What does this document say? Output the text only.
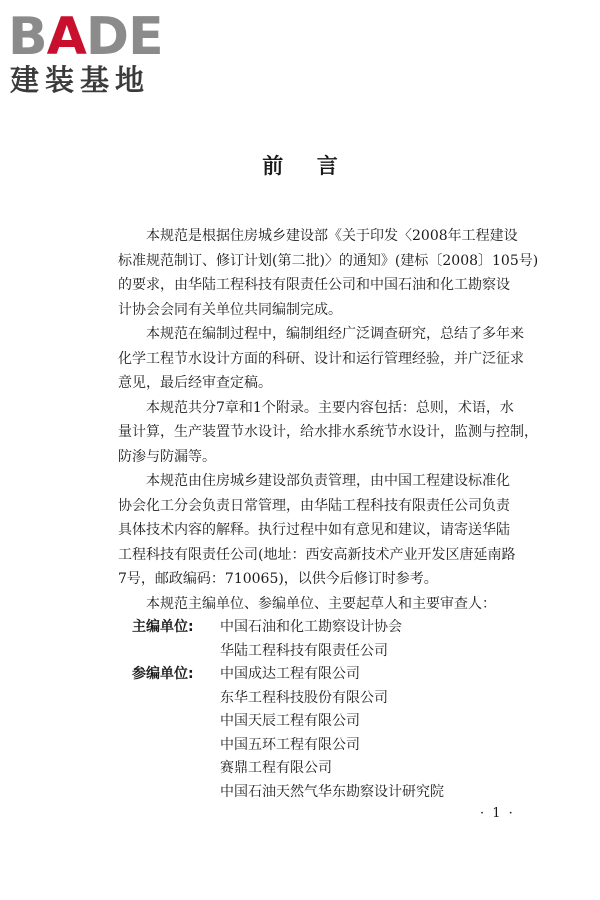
BADE
建装基地
前言

本规范是根据住房城乡建设部《关于印发〈2008年工程建设
标准规范制订、修订计划(第二批)〉的通知》(建标〔2008〕105号)
的要求，由华陆工程科技有限责任公司和中国石油和化工勘察设
计协会会同有关单位共同编制完成。

本规范在编制过程中，编制组经广泛调查研究，总结了多年来
化学工程节水设计方面的科研、设计和运行管理经验，并广泛征求
意见，最后经审查定稿。

本规范共分7章和1个附录。主要内容包括：总则，术语，水
量计算，生产装置节水设计，给水排水系统节水设计，监测与控制，
防渗与防漏等。

本规范由住房城乡建设部负责管理，由中国工程建设标准化
协会化工分会负责日常管理，由华陆工程科技有限责任公司负责
具体技术内容的解释。执行过程中如有意见和建议，请寄送华陆
工程科技有限责任公司(地址：西安高新技术产业开发区唐延南路
7号，邮政编码：710065)，以供今后修订时参考。

本规范主编单位、参编单位、主要起草人和主要审查人：

主编单位:	中国石油和化工勘察设计协会
华陆工程科技有限责任公司
参编单位:	中国成达工程有限公司
东华工程科技股份有限公司
中国天辰工程有限公司
中国五环工程有限公司
赛鼎工程有限公司
中国石油天然气华东勘察设计研究院
· 1 ·
